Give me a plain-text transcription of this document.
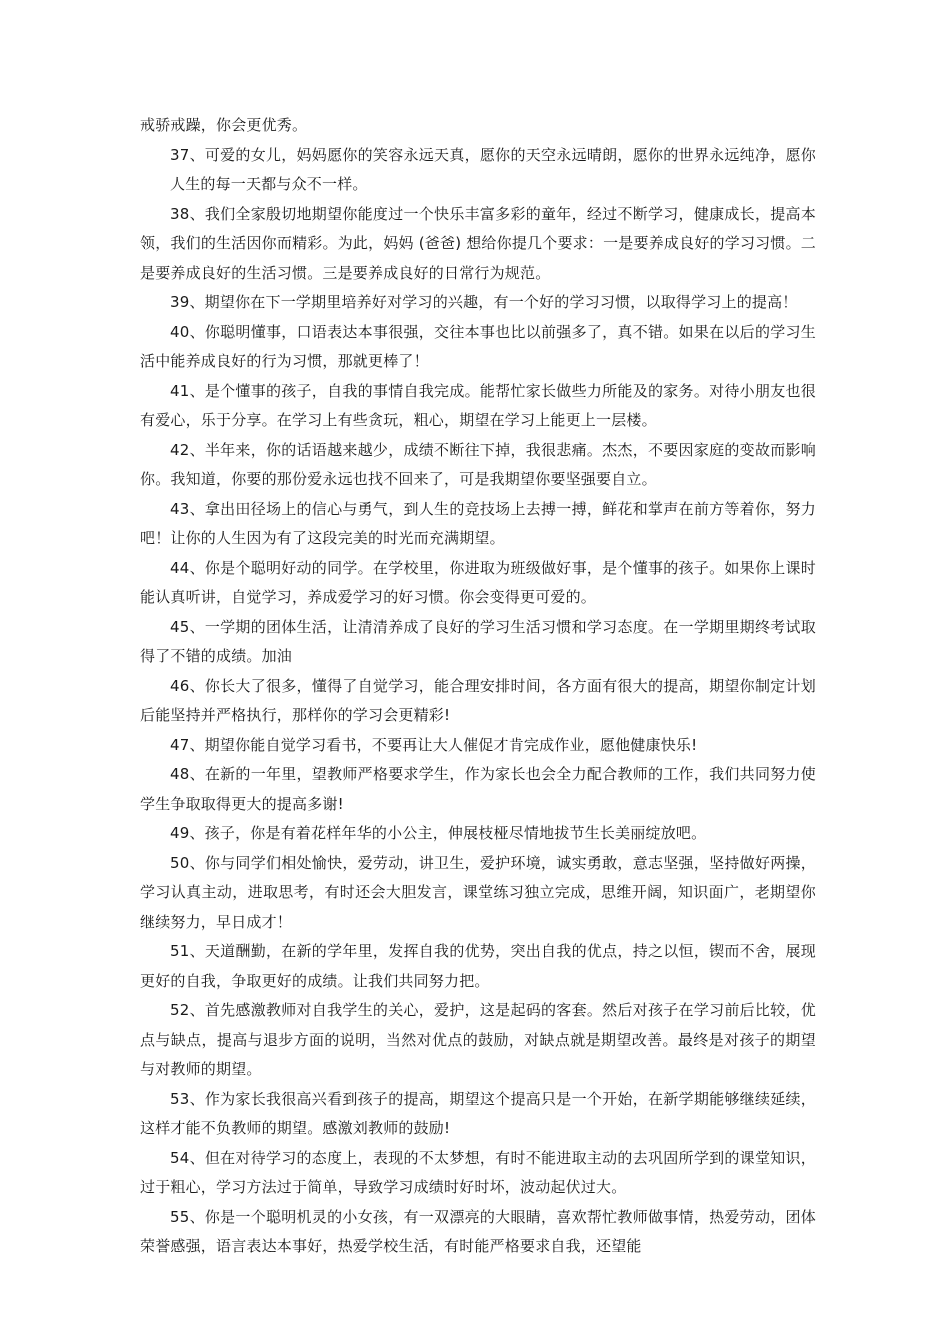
戒骄戒躁，你会更优秀。

37、可爱的女儿，妈妈愿你的笑容永远天真，愿你的天空永远晴朗，愿你的世界永远纯净，愿你人生的每一天都与众不一样。

38、我们全家殷切地期望你能度过一个快乐丰富多彩的童年，经过不断学习，健康成长，提高本领，我们的生活因你而精彩。为此，妈妈 (爸爸) 想给你提几个要求：一是要养成良好的学习习惯。二是要养成良好的生活习惯。三是要养成良好的日常行为规范。

39、期望你在下一学期里培养好对学习的兴趣，有一个好的学习习惯，以取得学习上的提高！

40、你聪明懂事，口语表达本事很强，交往本事也比以前强多了，真不错。如果在以后的学习生活中能养成良好的行为习惯，那就更棒了！

41、是个懂事的孩子，自我的事情自我完成。能帮忙家长做些力所能及的家务。对待小朋友也很有爱心，乐于分享。在学习上有些贪玩，粗心，期望在学习上能更上一层楼。

42、半年来，你的话语越来越少，成绩不断往下掉，我很悲痛。杰杰，不要因家庭的变故而影响你。我知道，你要的那份爱永远也找不回来了，可是我期望你要坚强要自立。

43、拿出田径场上的信心与勇气，到人生的竞技场上去搏一搏，鲜花和掌声在前方等着你，努力吧！让你的人生因为有了这段完美的时光而充满期望。

44、你是个聪明好动的同学。在学校里，你进取为班级做好事，是个懂事的孩子。如果你上课时能认真听讲，自觉学习，养成爱学习的好习惯。你会变得更可爱的。

45、一学期的团体生活，让清清养成了良好的学习生活习惯和学习态度。在一学期里期终考试取得了不错的成绩。加油

46、你长大了很多，懂得了自觉学习，能合理安排时间，各方面有很大的提高，期望你制定计划后能坚持并严格执行，那样你的学习会更精彩!

47、期望你能自觉学习看书，不要再让大人催促才肯完成作业，愿他健康快乐!

48、在新的一年里，望教师严格要求学生，作为家长也会全力配合教师的工作，我们共同努力使学生争取取得更大的提高多谢!

49、孩子，你是有着花样年华的小公主，伸展枝桠尽情地拔节生长美丽绽放吧。

50、你与同学们相处愉快，爱劳动，讲卫生，爱护环境，诚实勇敢，意志坚强，坚持做好两操，学习认真主动，进取思考，有时还会大胆发言，课堂练习独立完成，思维开阔，知识面广，老期望你继续努力，早日成才！

51、天道酬勤，在新的学年里，发挥自我的优势，突出自我的优点，持之以恒，锲而不舍，展现更好的自我，争取更好的成绩。让我们共同努力把。

52、首先感激教师对自我学生的关心，爱护，这是起码的客套。然后对孩子在学习前后比较，优点与缺点，提高与退步方面的说明，当然对优点的鼓励，对缺点就是期望改善。最终是对孩子的期望与对教师的期望。

53、作为家长我很高兴看到孩子的提高，期望这个提高只是一个开始，在新学期能够继续延续，这样才能不负教师的期望。感激刘教师的鼓励!

54、但在对待学习的态度上，表现的不太梦想，有时不能进取主动的去巩固所学到的课堂知识，过于粗心，学习方法过于简单，导致学习成绩时好时坏，波动起伏过大。

55、你是一个聪明机灵的小女孩，有一双漂亮的大眼睛，喜欢帮忙教师做事情，热爱劳动，团体荣誉感强，语言表达本事好，热爱学校生活，有时能严格要求自我，还望能
